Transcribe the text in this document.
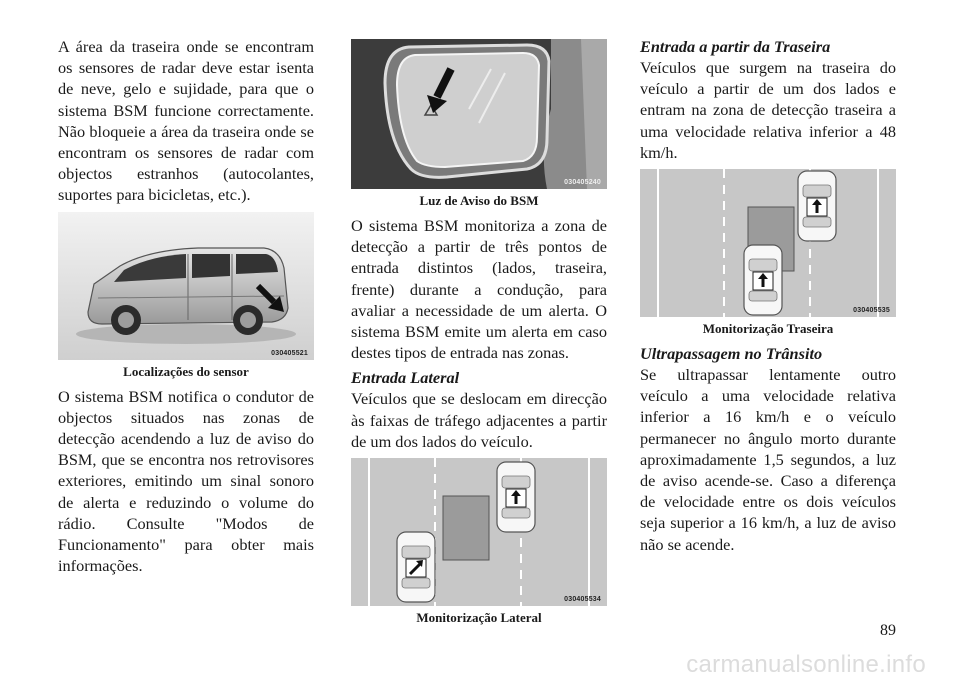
A área da traseira onde se encontram os sensores de radar deve estar isenta de neve, gelo e sujidade, para que o sistema BSM funcione correctamente. Não bloqueie a área da traseira onde se encontram os sensores de radar com objectos estranhos (autocolantes, suportes para bicicletas, etc.).

030405521
Localizações do sensor

O sistema BSM notifica o condutor de objectos situados nas zonas de detecção acendendo a luz de aviso do BSM, que se encontra nos retrovisores exteriores, emitindo um sinal sonoro de alerta e reduzindo o volume do rádio. Consulte "Modos de Funcionamento" para obter mais informações.

030405240
Luz de Aviso do BSM

O sistema BSM monitoriza a zona de detecção a partir de três pontos de entrada distintos (lados, traseira, frente) durante a condução, para avaliar a necessidade de um alerta. O sistema BSM emite um alerta em caso destes tipos de entrada nas zonas.

Entrada Lateral

Veículos que se deslocam em direcção às faixas de tráfego adjacentes a partir de um dos lados do veículo.

030405534
Monitorização Lateral
Entrada a partir da Traseira

Veículos que surgem na traseira do veículo a partir de um dos lados e entram na zona de detecção traseira a uma velocidade relativa inferior a 48 km/h.

030405535
Monitorização Traseira
Ultrapassagem no Trânsito

Se ultrapassar lentamente outro veículo a uma velocidade relativa inferior a 16 km/h e o veículo permanecer no ângulo morto durante aproximadamente 1,5 segundos, a luz de aviso acende-se. Caso a diferença de velocidade entre os dois veículos seja superior a 16 km/h, a luz de aviso não se acende.

89
carmanualsonline.info
